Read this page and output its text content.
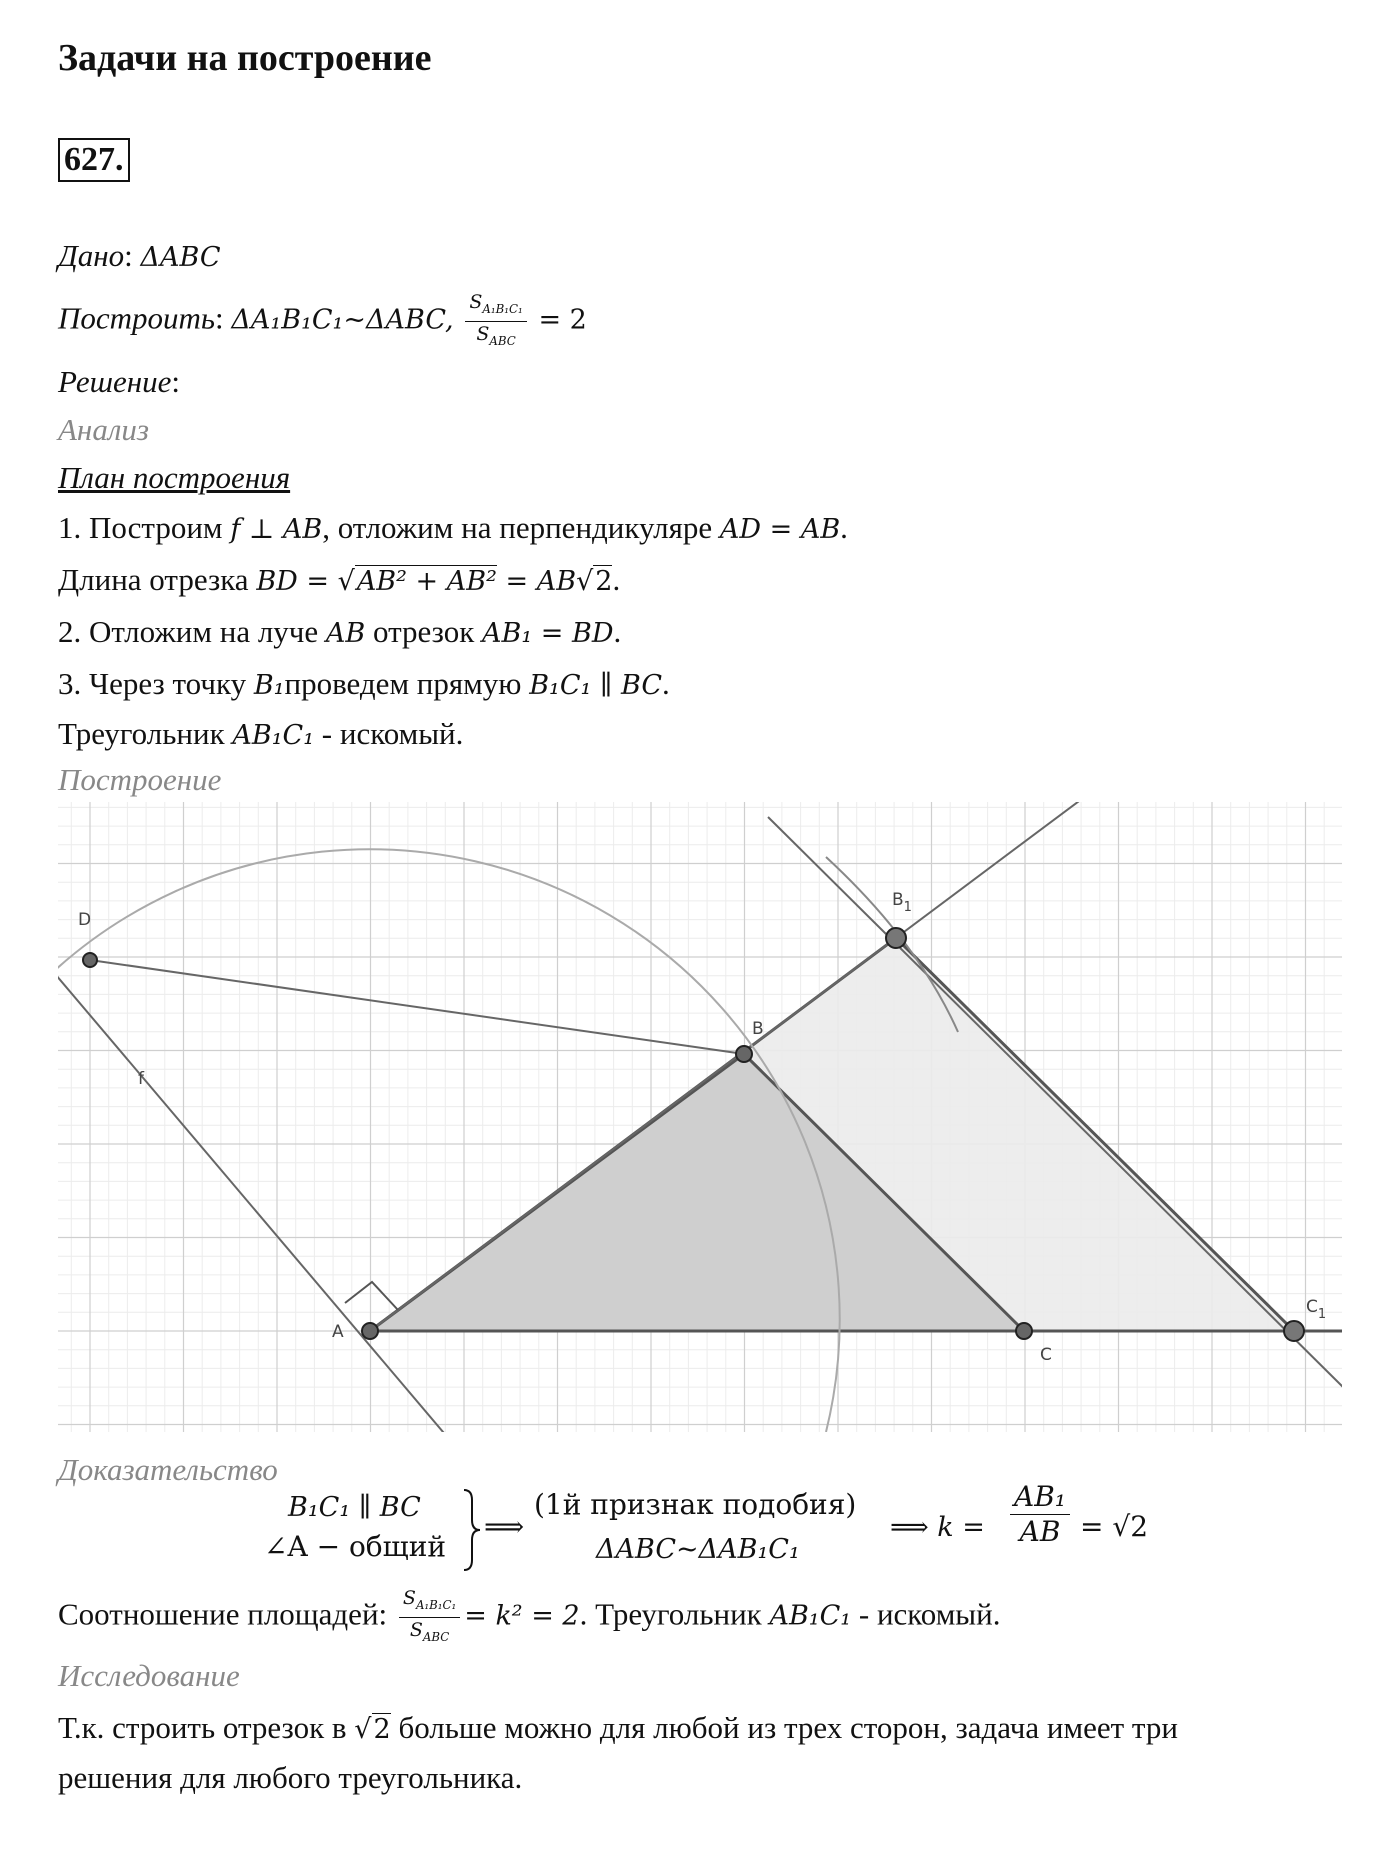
Задачи на построение
627.
Дано: ΔABC
Построить: ΔA₁B₁C₁~ΔABC, $\frac{S_{A_1B_1C_1}}{S_{ABC}} = 2$
Решение:
Анализ
План построения
1. Построим f ⊥ AB, отложим на перпендикуляре AD = AB.
Длина отрезка BD = √AB² + AB² = AB√2.
2. Отложим на луче AB отрезок AB₁ = BD.
3. Через точку B₁проведем прямую B₁C₁ ∥ BC.
Треугольник AB₁C₁ - искомый.
Построение
A
B
C
D
$B_1$
$C_1$
f
Доказательство
B₁C₁ ∥ BC
∠A − общий
⟹
(1й признак подобия)
ΔABC~ΔAB₁C₁
⟹ $k = \frac{\text{AB₁}}{AB} = √2$
Соотношение площадей: $\frac{S_{A_1B_1C_1}}{S_{ABC}} = k^2 = 2$. Треугольник AB₁C₁ - искомый.
Исследование
Т.к. строить отрезок в √2 больше можно для любой из трех сторон, задача имеет три
решения для любого треугольника.
